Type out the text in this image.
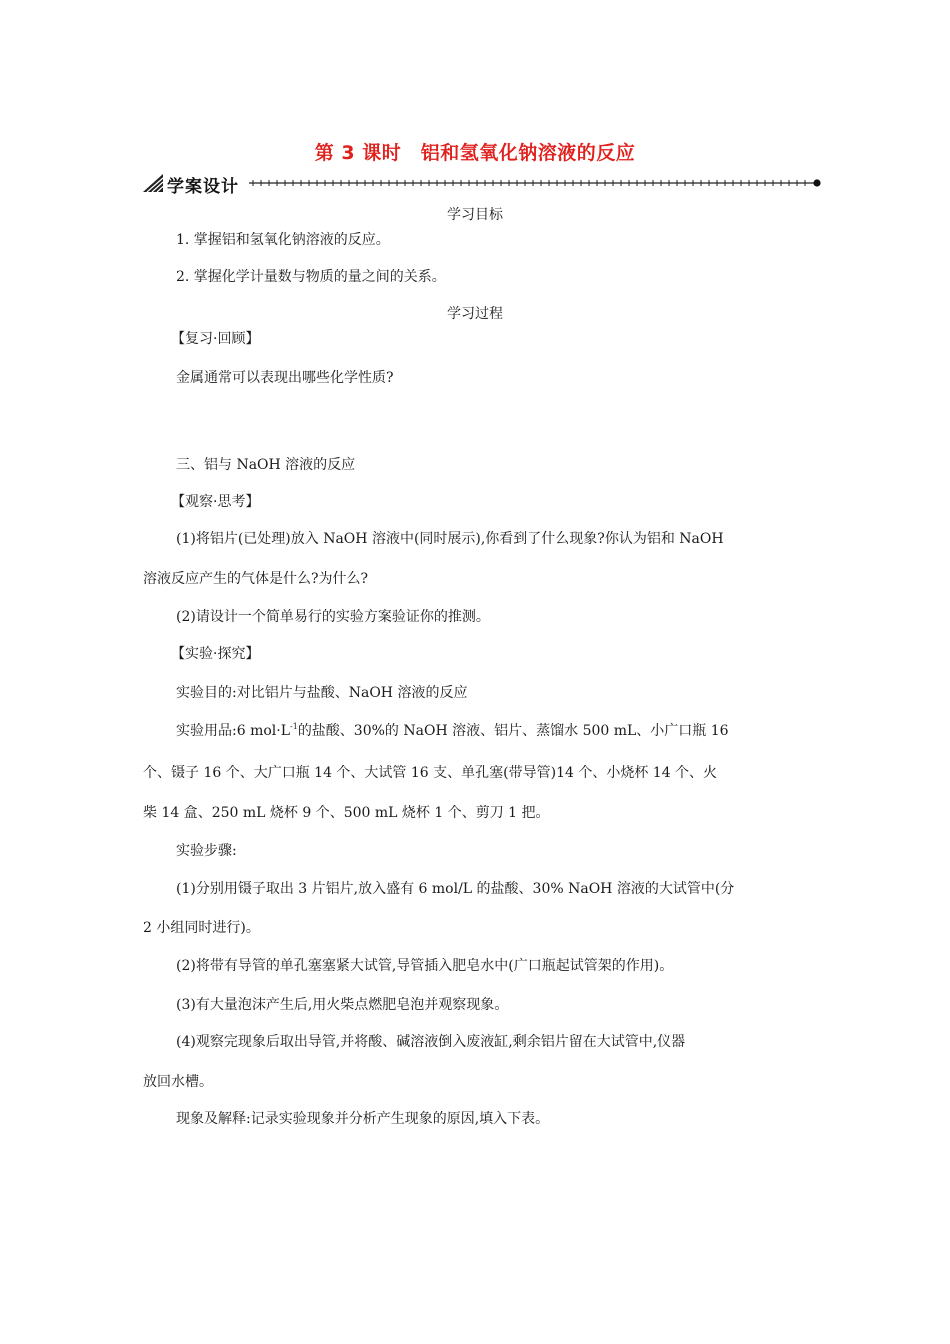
第 3 课时　铝和氢氧化钠溶液的反应
学案设计
学习目标
1. 掌握铝和氢氧化钠溶液的反应。
2. 掌握化学计量数与物质的量之间的关系。
学习过程
【复习·回顾】
金属通常可以表现出哪些化学性质?
三、铝与 NaOH 溶液的反应
【观察·思考】
(1)将铝片(已处理)放入 NaOH 溶液中(同时展示),你看到了什么现象?你认为铝和 NaOH
溶液反应产生的气体是什么?为什么?
(2)请设计一个简单易行的实验方案验证你的推测。
【实验·探究】
实验目的:对比铝片与盐酸、NaOH 溶液的反应
实验用品:6 $mol\cdot L^{-1}$的盐酸、30%的 NaOH 溶液、铝片、蒸馏水 500 mL、小广口瓶 16
个、镊子 16 个、大广口瓶 14 个、大试管 16 支、单孔塞(带导管)14 个、小烧杯 14 个、火
柴 14 盒、250 mL 烧杯 9 个、500 mL 烧杯 1 个、剪刀 1 把。
实验步骤:
(1)分别用镊子取出 3 片铝片,放入盛有 6 mol/L 的盐酸、30% NaOH 溶液的大试管中(分
2 小组同时进行)。
(2)将带有导管的单孔塞塞紧大试管,导管插入肥皂水中(广口瓶起试管架的作用)。
(3)有大量泡沫产生后,用火柴点燃肥皂泡并观察现象。
(4)观察完现象后取出导管,并将酸、碱溶液倒入废液缸,剩余铝片留在大试管中,仪器
放回水槽。
现象及解释:记录实验现象并分析产生现象的原因,填入下表。
